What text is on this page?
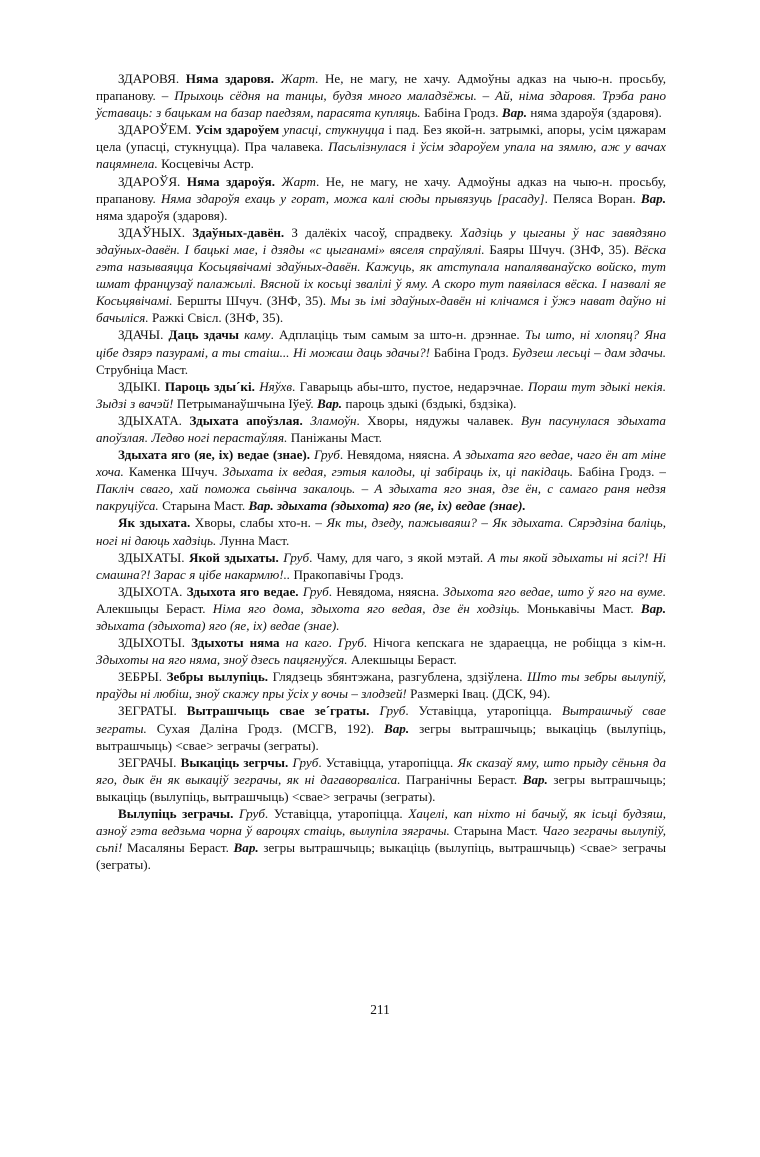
ЗДАРОВЯ. Няма здаровя. Жарт. Не, не магу, не хачу. Адмоўны адказ на чыю-н. просьбу, прапанову. – Прыхоць сёдня на танцы, будзя много маладзёжы. – Ай, німа здаровя. Трэба рано ўставаць: з бацькам на базар паедзям, парасята купляць. Бабіна Гродз. Вар. няма здароўя (здаровя).

ЗДАРОЎЕМ. Усім здароўем упасці, стукнуцца і пад. Без якой-н. затрымкі, апоры, усім цяжарам цела (упасці, стукнуцца). Пра чалавека. Пасьлізнулася і ўсім здароўем упала на зямлю, аж у вачах пацямнела. Косцевічы Астр.

ЗДАРОЎЯ. Няма здароўя. Жарт. Не, не магу, не хачу. Адмоўны адказ на чыю-н. просьбу, прапанову. Няма здароўя ехаць у горат, можа калі сюды прывязуць [расаду]. Пеляса Воран. Вар. няма здароўя (здаровя).

ЗДАЎНЫХ. Здаўных-давён. З далёкіх часоў, спрадвеку. Хадзіць у цыганы ў нас завядзяно здаўных-давён. І бацькі мае, і дзяды «с цыганамі» вяселя спраўлялі. Баяры Шчуч. (ЗНФ, 35). Вёска гэта называяцца Косьцявічамі здаўных-давён. Кажуць, як атступала напаляванаўско войско, тут шмат французаў палажылі. Вясной іх косьці звалілі ў яму. А скоро тут паявілася вёска. І назвалі яе Косьцявічамі. Бершты Шчуч. (ЗНФ, 35). Мы зь імі здаўных-давён ні клічамся і ўжэ нават даўно ні бачыліся. Ражкі Свісл. (ЗНФ, 35).

ЗДАЧЫ. Даць здачы каму. Адплаціць тым самым за што-н. дрэннае. Ты што, ні хлопяц? Яна цібе дзярэ пазурамі, а ты стаіш... Ні можаш даць здачы?! Бабіна Гродз. Будзеш лесьці – дам здачы. Струбніца Маст.

ЗДЫКІ. Пароць зды´кі. Няўхв. Гаварыць абы-што, пустое, недарэчнае. Пораш тут здыкі некія. Зыдзі з вачэй! Петрыманаўшчына Іўеў. Вар. пароць здыкі (бздыкі, бздзіка).

ЗДЫХАТА. Здыхата апоўзлая. Зламоўн. Хворы, нядужы чалавек. Вун пасунулася здыхата апоўзлая. Ледво ногі перастаўляя. Паніжаны Маст.

Здыхата яго (яе, іх) ведае (знае). Груб. Невядома, няясна. А здыхата яго ведае, чаго ён ат міне хоча. Каменка Шчуч. Здыхата іх ведая, гэтыя калоды, ці забіраць іх, ці пакідаць. Бабіна Гродз. – Пакліч сваго, хай поможа сьвінча закалоць. – А здыхата яго зная, дзе ён, с самаго раня недзя пакруціўса. Старына Маст. Вар. здыхата (здыхота) яго (яе, іх) ведае (знае).

Як здыхата. Хворы, слабы хто-н. – Як ты, дзеду, пажываяш? – Як здыхата. Сярэдзіна баліць, ногі ні даюць хадзіць. Лунна Маст.

ЗДЫХАТЫ. Якой здыхаты. Груб. Чаму, для чаго, з якой мэтай. А ты якой здыхаты ні ясі?! Ні смашна?! Зарас я цібе накармлю!.. Пракопавічы Гродз.

ЗДЫХОТА. Здыхота яго ведае. Груб. Невядома, няясна. Здыхота яго ведае, што ў яго на вуме. Алекшыцы Бераст. Німа яго дома, здыхота яго ведая, дзе ён ходзіць. Монькавічы Маст. Вар. здыхата (здыхота) яго (яе, іх) ведае (знае).

ЗДЫХОТЫ. Здыхоты няма на каго. Груб. Нічога кепскага не здараецца, не робіцца з кім-н. Здыхоты на яго няма, зноў дзесь пацягнуўся. Алекшыцы Бераст.

ЗЕБРЫ. Зебры вылупіць. Глядзець збянтэжана, разгублена, здзіўлена. Што ты зебры вылупіў, праўды ні любіш, зноў скажу пры ўсіх у вочы – злодзей! Размеркі Івац. (ДСК, 94).

ЗЕГРАТЫ. Вытрашчыць свае зе´граты. Груб. Уставіцца, утаропіцца. Вытрашчыў свае зеграты. Сухая Даліна Гродз. (МСГВ, 192). Вар. зегры вытрашчыць; выкаціць (вылупіць, вытрашчыць) <свае> зеграчы (зеграты).

ЗЕГРАЧЫ. Выкаціць зегрчы. Груб. Уставіцца, утаропіцца. Як сказаў яму, што прыду сёньня да яго, дык ён як выкаціў зеграчы, як ні дагаворваліса. Пагранічны Бераст. Вар. зегры вытрашчыць; выкаціць (вылупіць, вытрашчыць) <свае> зеграчы (зеграты).

Вылупіць зеграчы. Груб. Уставіцца, утаропіцца. Хацелі, кап ніхто ні бачыў, як ісьці будзяш, азноў гэта ведзьма чорна ў вароцях стаіць, вылупіла зяграчы. Старына Маст. Чаго зеграчы вылупіў, сьпі! Масаляны Бераст. Вар. зегры вытрашчыць; выкаціць (вылупіць, вытрашчыць) <свае> зеграчы (зеграты).

211
